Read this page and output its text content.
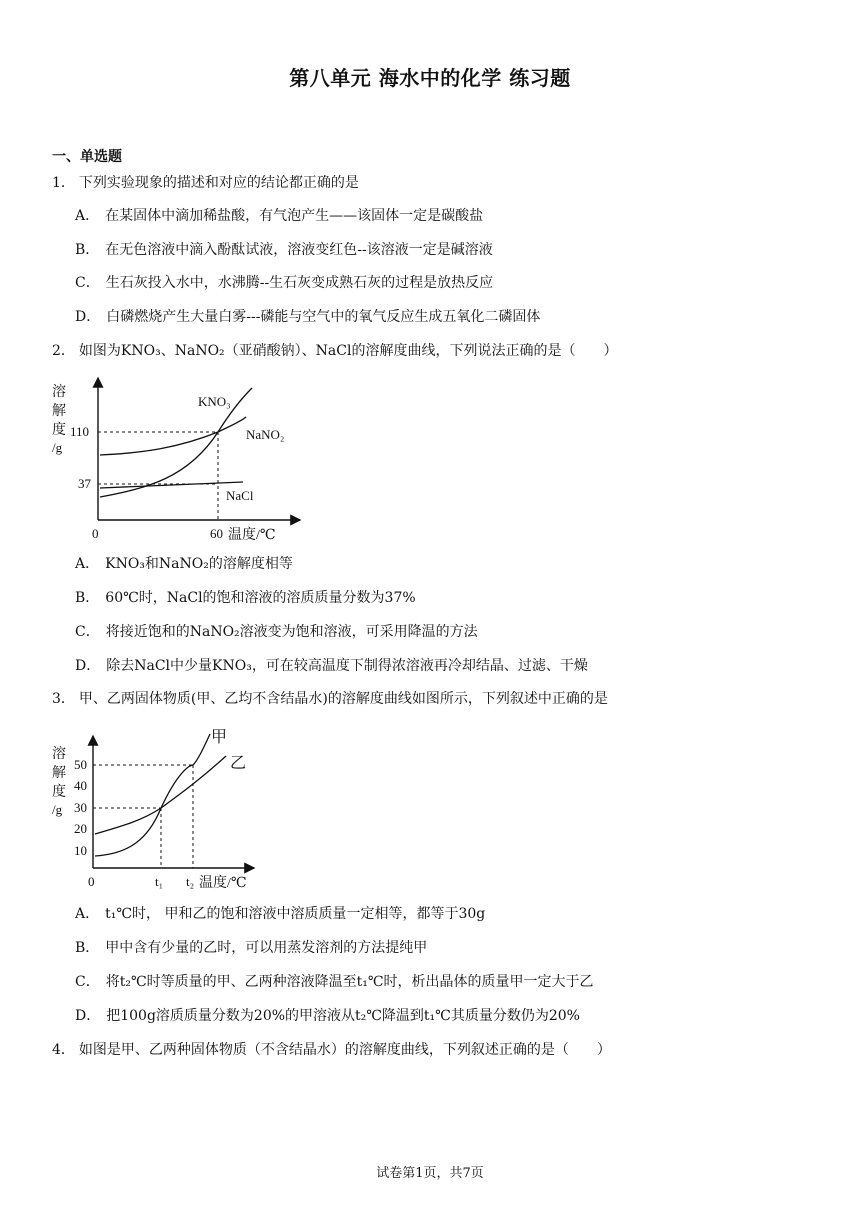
第八单元 海水中的化学 练习题
一、单选题
1． 下列实验现象的描述和对应的结论都正确的是
A． 在某固体中滴加稀盐酸，有气泡产生——该固体一定是碳酸盐
B． 在无色溶液中滴入酚酞试液，溶液变红色--该溶液一定是碱溶液
C． 生石灰投入水中，水沸腾--生石灰变成熟石灰的过程是放热反应
D． 白磷燃烧产生大量白雾---磷能与空气中的氧气反应生成五氧化二磷固体
2． 如图为KNO₃、NaNO₂（亚硝酸钠）、NaCl的溶解度曲线，下列说法正确的是（　　）
溶
解
度
/g
110
37
0	60 温度/℃
KNO₃
NaNO₂
NaCl
A． KNO₃和NaNO₂的溶解度相等
B． 60℃时，NaCl的饱和溶液的溶质质量分数为37%
C． 将接近饱和的NaNO₂溶液变为饱和溶液，可采用降温的方法
D． 除去NaCl中少量KNO₃，可在较高温度下制得浓溶液再冷却结晶、过滤、干燥
3． 甲、乙两固体物质(甲、乙均不含结晶水)的溶解度曲线如图所示，下列叙述中正确的是
溶
解
度
/g
50
40
30
20
10
0	t₁ t₂ 温度/℃
甲
乙
A． t₁℃时， 甲和乙的饱和溶液中溶质质量一定相等，都等于30g
B． 甲中含有少量的乙时，可以用蒸发溶剂的方法提纯甲
C． 将t₂℃时等质量的甲、乙两种溶液降温至t₁℃时，析出晶体的质量甲一定大于乙
D． 把100g溶质质量分数为20%的甲溶液从t₂℃降温到t₁℃其质量分数仍为20%
4． 如图是甲、乙两种固体物质（不含结晶水）的溶解度曲线，下列叙述正确的是（　　）
试卷第1页，共7页
